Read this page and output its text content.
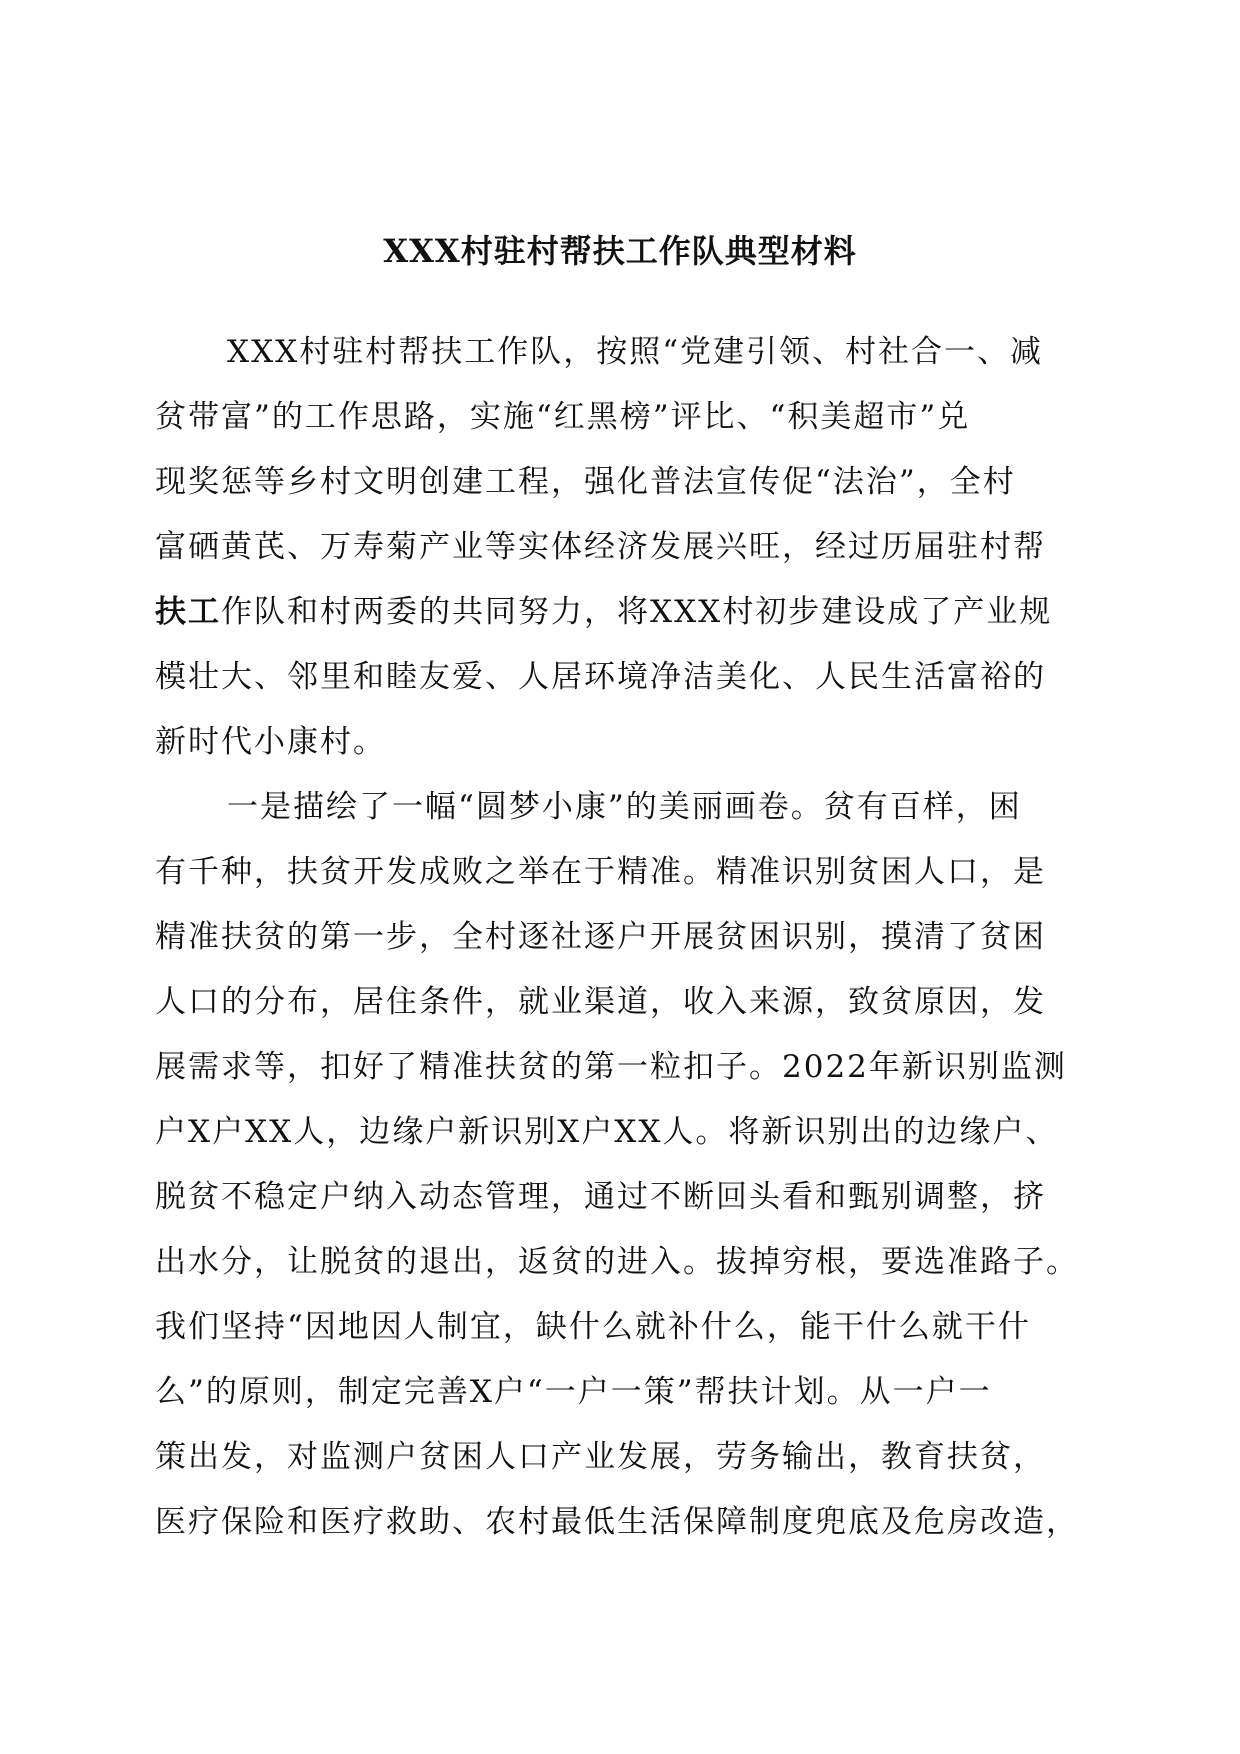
XXX村驻村帮扶工作队典型材料

XXX村驻村帮扶工作队，按照“党建引领、村社合一、减

贫带富”的工作思路，实施“红黑榜”评比、“积美超市”兑

现奖惩等乡村文明创建工程，强化普法宣传促“法治”，全村

富硒黄芪、万寿菊产业等实体经济发展兴旺，经过历届驻村帮

扶工作队和村两委的共同努力，将XXX村初步建设成了产业规

模壮大、邻里和睦友爱、人居环境净洁美化、人民生活富裕的

新时代小康村。

一是描绘了一幅“圆梦小康”的美丽画卷。贫有百样，困

有千种，扶贫开发成败之举在于精准。精准识别贫困人口，是

精准扶贫的第一步，全村逐社逐户开展贫困识别，摸清了贫困

人口的分布，居住条件，就业渠道，收入来源，致贫原因，发

展需求等，扣好了精准扶贫的第一粒扣子。2022年新识别监测

户X户XX人，边缘户新识别X户XX人。将新识别出的边缘户、

脱贫不稳定户纳入动态管理，通过不断回头看和甄别调整，挤

出水分，让脱贫的退出，返贫的进入。拔掉穷根，要选准路子。

我们坚持“因地因人制宜，缺什么就补什么，能干什么就干什

么”的原则，制定完善X户“一户一策”帮扶计划。从一户一

策出发，对监测户贫困人口产业发展，劳务输出，教育扶贫，

医疗保险和医疗救助、农村最低生活保障制度兜底及危房改造，
